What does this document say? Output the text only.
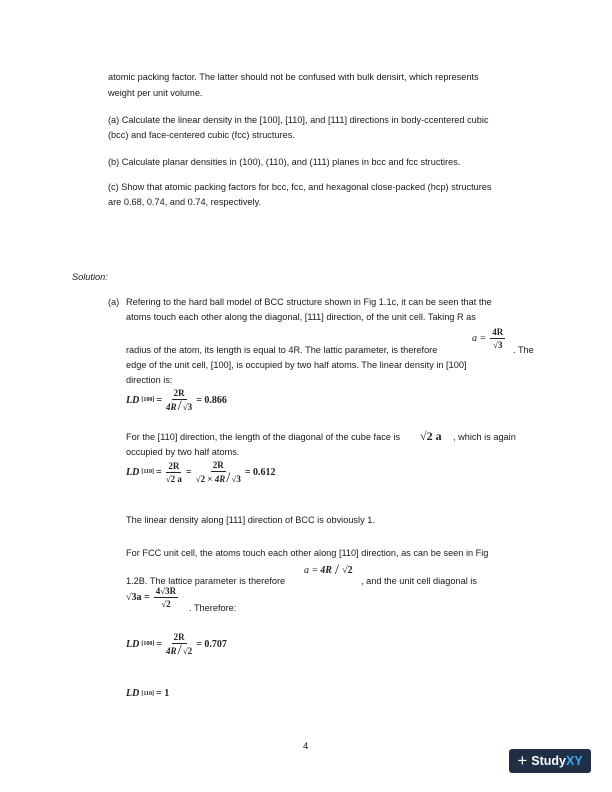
atomic packing factor. The latter should not be confused with bulk densirt, which represents

weight per unit volume.

(a) Calculate the linear density in the [100], [110], and [111] directions in body-ccentered cubic

(bcc) and face-centered cubic (fcc) structures.

(b) Calculate planar densities in (100), (110), and (111) planes in bcc and fcc structires.

(c) Show that atomic packing factors for bcc, fcc, and hexagonal close-packed (hcp) structures

are 0.68, 0.74, and 0.74, respectively.

Solution:

(a) Refering to the hard ball model of BCC structure shown in Fig 1.1c, it can be seen that the

atoms touch each other along the diagonal, [111] direction, of the unit cell. Taking R as

$a = \frac{4R}{√3}$

radius of the atom, its length is equal to 4R. The lattic parameter, is therefore	. The

edge of the unit cell, [100], is occupied by two half atoms. The linear density in [100]

direction is:

LD $[100] = \frac{2R}{4R/√3} = 0.866$

For the [110] direction, the length of the diagonal of the cube face is √2 a , which is again

occupied by two half atoms.

LD $[110] = \frac{2R}{√2 a} = \frac{2R}{√2 \times 4R/√3} = 0.612$

The linear density along [111] direction of BCC is obviously 1.

For FCC unit cell, the atoms touch each other along [110] direction, as can be seen in Fig

a = 4R / √2

1.2B. The lattice parameter is therefore	, and the unit cell diagonal is

$√3a = \frac{4√3R}{√2}$ . Therefore:

LD $[100] = \frac{2R}{4R/√2} = 0.707$
LD [110] = 1
4
+ StudyXY
